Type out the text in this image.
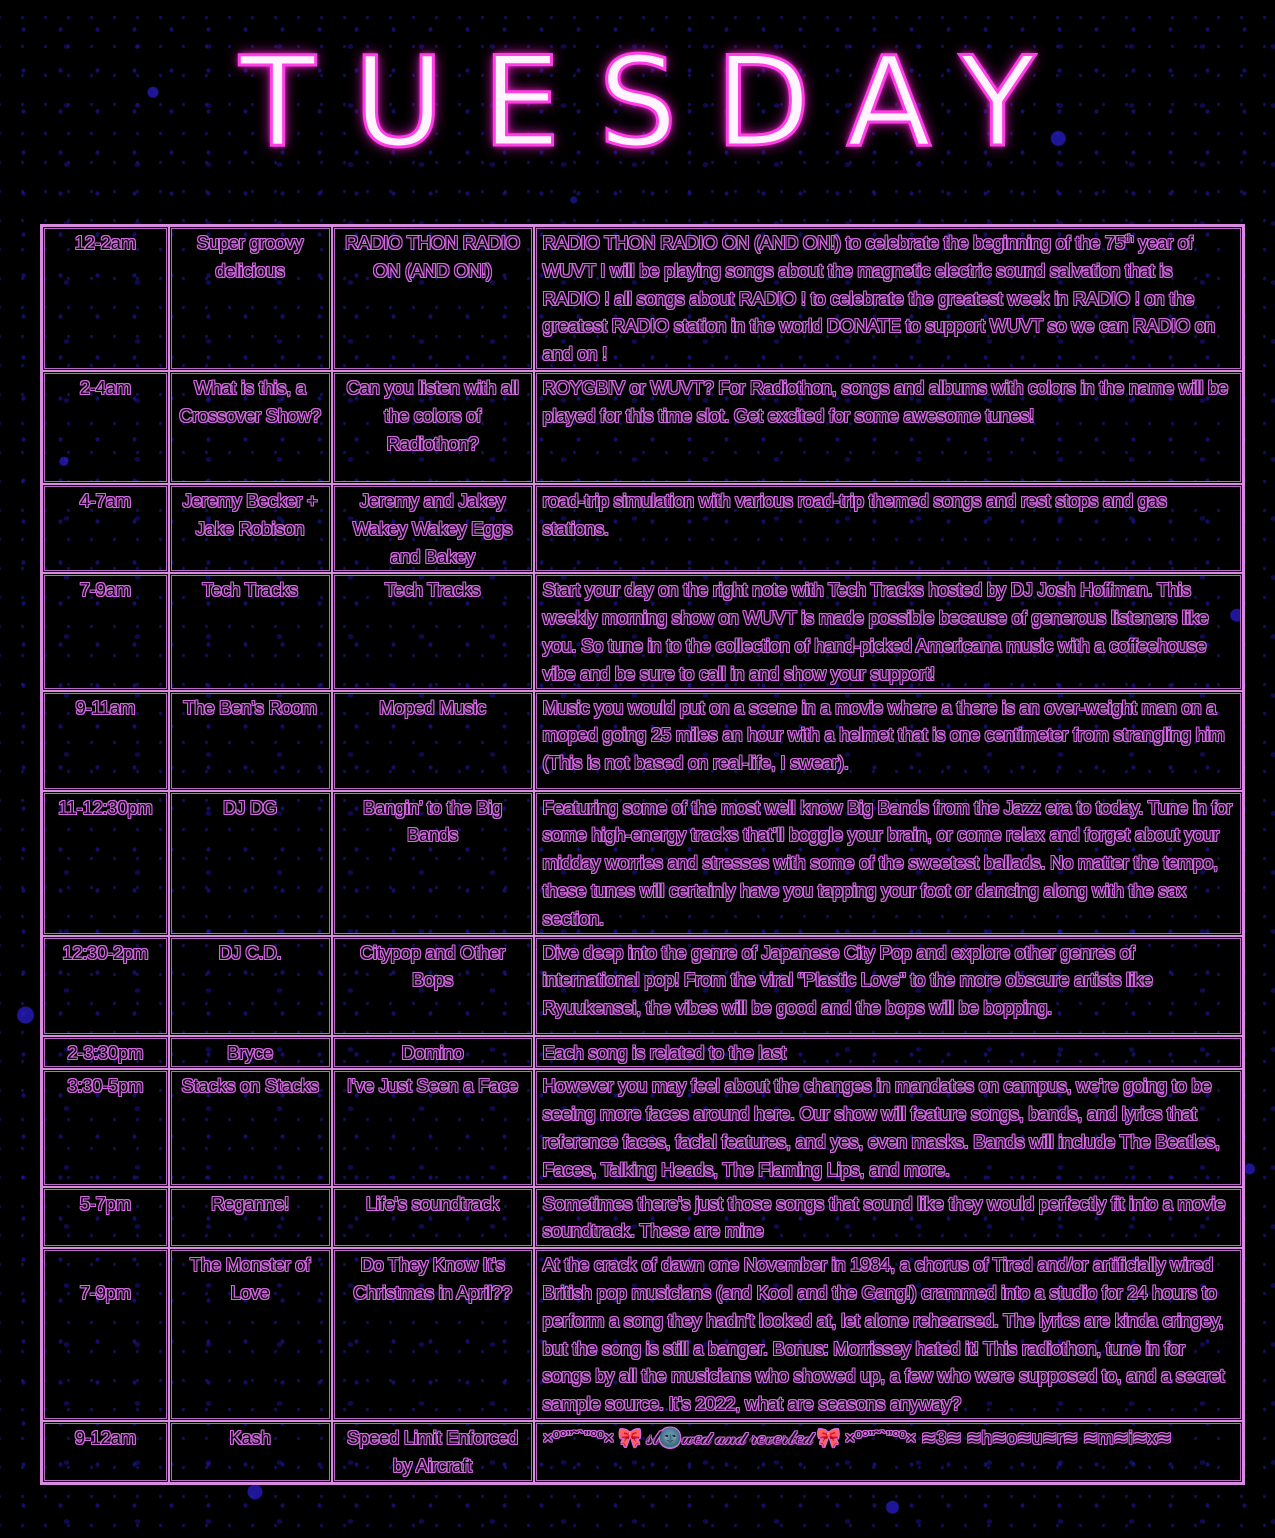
TUESDAY
12-2am	Super groovy delicious	RADIO THON RADIO ON (AND ON!)	RADIO THON RADIO ON (AND ON!) to celebrate the beginning of the 75th year of WUVT I will be playing songs about the magnetic electric sound salvation that is RADIO ! all songs about RADIO ! to celebrate the greatest week in RADIO ! on the greatest RADIO station in the world DONATE to support WUVT so we can RADIO on and on !
2-4am	What is this, a Crossover Show?	Can you listen with all the colors of Radiothon?	ROYGBIV or WUVT? For Radiothon, songs and albums with colors in the name will be played for this time slot. Get excited for some awesome tunes!
4-7am	Jeremy Becker + Jake Robison	Jeremy and Jakey Wakey Wakey Eggs and Bakey	road-trip simulation with various road-trip themed songs and rest stops and gas stations.
7-9am	Tech Tracks	Tech Tracks	Start your day on the right note with Tech Tracks hosted by DJ Josh Hoffman. This weekly morning show on WUVT is made possible because of generous listeners like you. So tune in to the collection of hand-picked Americana music with a coffeehouse vibe and be sure to call in and show your support!
9-11am	The Ben’s Room	Moped Music	Music you would put on a scene in a movie where a there is an over-weight man on a moped going 25 miles an hour with a helmet that is one centimeter from strangling him (This is not based on real-life, I swear).
11-12:30pm	DJ DG	Bangin’ to the Big Bands	Featuring some of the most well know Big Bands from the Jazz era to today. Tune in for some high-energy tracks that’ll boggle your brain, or come relax and forget about your midday worries and stresses with some of the sweetest ballads. No matter the tempo, these tunes will certainly have you tapping your foot or dancing along with the sax section.
12:30-2pm	DJ C.D.	Citypop and Other Bops	Dive deep into the genre of Japanese City Pop and explore other genres of international pop! From the viral “Plastic Love” to the more obscure artists like Ryuukensei, the vibes will be good and the bops will be bopping.
2-3:30pm	Bryce	Domino	Each song is related to the last
3:30-5pm	Stacks on Stacks	I've Just Seen a Face	However you may feel about the changes in mandates on campus, we're going to be seeing more faces around here. Our show will feature songs, bands, and lyrics that reference faces, facial features, and yes, even masks. Bands will include The Beatles, Faces, Talking Heads, The Flaming Lips, and more.
5-7pm	Reganne!	Life's soundtrack	Sometimes there’s just those songs that sound like they would perfectly fit into a movie soundtrack. These are mine

7-9pm	The Monster of Love	Do They Know It's Christmas in April??	At the crack of dawn one November in 1984, a chorus of Tired and/or artificially wired British pop musicians (and Kool and the Gang!) crammed into a studio for 24 hours to perform a song they hadn't looked at, let alone rehearsed. The lyrics are kinda cringey, but the song is still a banger. Bonus: Morrissey hated it! This radiothon, tune in for songs by all the musicians who showed up, a few who were supposed to, and a secret sample source. It's 2022, what are seasons anyway?
9-12am	Kash	Speed Limit Enforced by Aircraft	×º°”˜`”°º× 🎀 𝓈𝓁🌚𝓌𝑒𝒹 𝒶𝓃𝒹 𝓇𝑒𝓋𝑒𝓇𝒷𝑒𝒹 🎀 ×º°”˜`”°º× ≋3≋ ≋h≋o≋u≋r≋ ≋m≋i≋x≋
